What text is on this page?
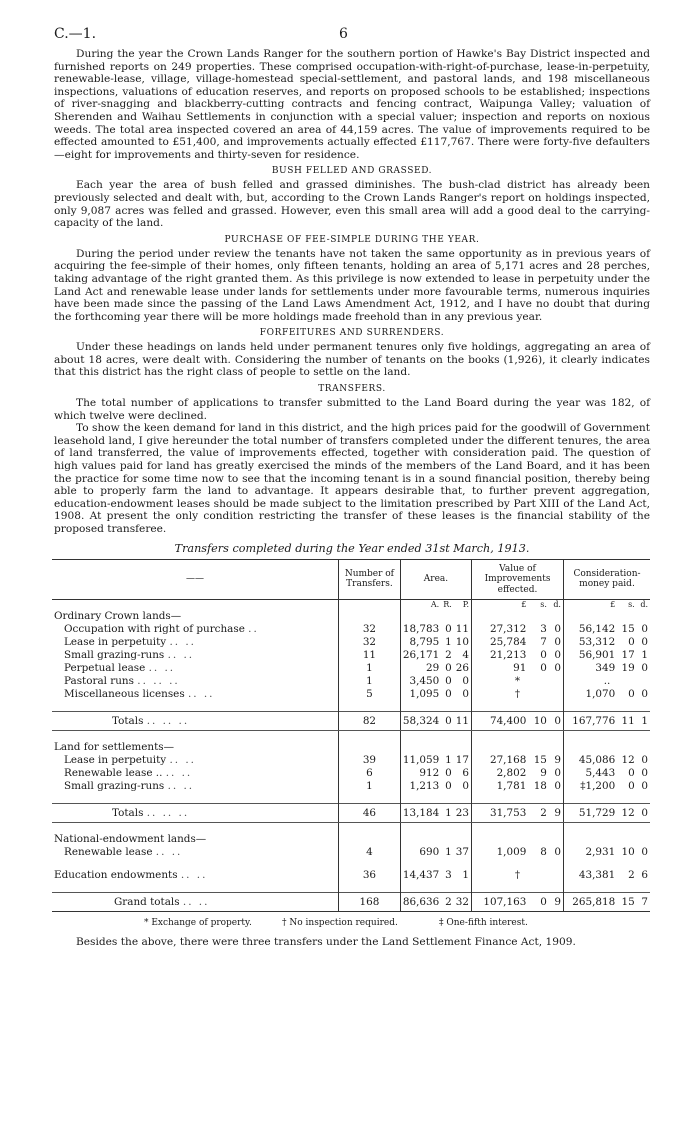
C.—1.	6

During the year the Crown Lands Ranger for the southern portion of Hawke's Bay District inspected and furnished reports on 249 properties. These comprised occupation-with-right-of-purchase, lease-in-perpetuity, renewable-lease, village, village-homestead special-settlement, and pastoral lands, and 198 miscellaneous inspections, valuations of education reserves, and reports on proposed schools to be established; inspections of river-snagging and blackberry-cutting contracts and fencing contract, Waipunga Valley; valuation of Sherenden and Waihau Settlements in conjunction with a special valuer; inspection and reports on noxious weeds. The total area inspected covered an area of 44,159 acres. The value of improvements required to be effected amounted to £51,400, and improvements actually effected £117,767. There were forty-five defaulters—eight for improvements and thirty-seven for residence.

BUSH FELLED AND GRASSED.

Each year the area of bush felled and grassed diminishes. The bush-clad district has already been previously selected and dealt with, but, according to the Crown Lands Ranger's report on holdings inspected, only 9,087 acres was felled and grassed. However, even this small area will add a good deal to the carrying-capacity of the land.

PURCHASE OF FEE-SIMPLE DURING THE YEAR.

During the period under review the tenants have not taken the same opportunity as in previous years of acquiring the fee-simple of their homes, only fifteen tenants, holding an area of 5,171 acres and 28 perches, taking advantage of the right granted them. As this privilege is now extended to lease in perpetuity under the Land Act and renewable lease under lands for settlements under more favourable terms, numerous inquiries have been made since the passing of the Land Laws Amendment Act, 1912, and I have no doubt that during the forthcoming year there will be more holdings made freehold than in any previous year.

FORFEITURES AND SURRENDERS.

Under these headings on lands held under permanent tenures only five holdings, aggregating an area of about 18 acres, were dealt with. Considering the number of tenants on the books (1,926), it clearly indicates that this district has the right class of people to settle on the land.

TRANSFERS.

The total number of applications to transfer submitted to the Land Board during the year was 182, of which twelve were declined.

To show the keen demand for land in this district, and the high prices paid for the goodwill of Government leasehold land, I give hereunder the total number of transfers completed under the different tenures, the area of land transferred, the value of improvements effected, together with consideration paid. The question of high values paid for land has greatly exercised the minds of the members of the Land Board, and it has been the practice for some time now to see that the incoming tenant is in a sound financial position, thereby being able to properly farm the land to advantage. It appears desirable that, to further prevent aggregation, education-endowment leases should be made subject to the limitation prescribed by Part XIII of the Land Act, 1908. At present the only condition restricting the transfer of these leases is the financial stability of the proposed transferee.

Transfers completed during the Year ended 31st March, 1913.
——	Number of Transfers.	Area.			Value of Improvements effected.			Consideration-money paid.		
		A.	R.	P.	£	s.	d.	£	s.	d.
Ordinary Crown lands—										
Occupation with right of purchase ..	32	18,783	0	11	27,312	3	0	56,142	15	0
Lease in perpetuity .. ..	32	8,795	1	10	25,784	7	0	53,312	0	0
Small grazing-runs .. ..	11	26,171	2	4	21,213	0	0	56,901	17	1
Perpetual lease .. ..	1	29	0	26	91	0	0	349	19	0
Pastoral runs .. .. ..	1	3,450	0	0	*			..		
Miscellaneous licenses .. ..	5	1,095	0	0	†			1,070	0	0

Totals .. .. ..	82	58,324	0	11	74,400	10	0	167,776	11	1

Land for settlements—										
Lease in perpetuity .. ..	39	11,059	1	17	27,168	15	9	45,086	12	0
Renewable lease .. .. ..	6	912	0	6	2,802	9	0	5,443	0	0
Small grazing-runs .. ..	1	1,213	0	0	1,781	18	0	‡1,200	0	0

Totals .. .. ..	46	13,184	1	23	31,753	2	9	51,729	12	0

National-endowment lands—										
Renewable lease .. ..	4	690	1	37	1,009	8	0	2,931	10	0

Education endowments .. ..	36	14,437	3	1	†			43,381	2	6

Grand totals .. ..	168	86,636	2	32	107,163	0	9	265,818	15	7
* Exchange of property.	† No inspection required.	‡ One-fifth interest.

Besides the above, there were three transfers under the Land Settlement Finance Act, 1909.
